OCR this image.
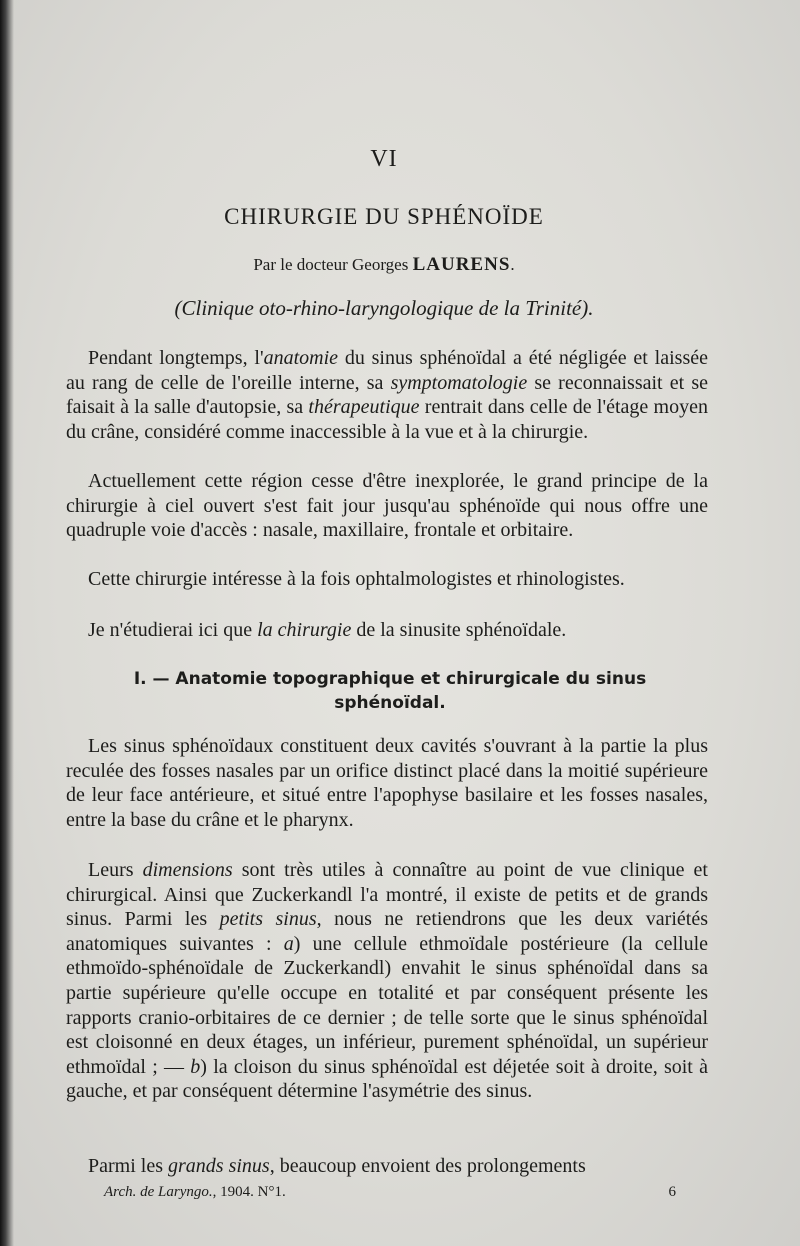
VI
CHIRURGIE DU SPHÉNOÏDE
Par le docteur Georges LAURENS.
(Clinique oto-rhino-laryngologique de la Trinité).

Pendant longtemps, l'anatomie du sinus sphénoïdal a été négligée et laissée au rang de celle de l'oreille interne, sa symptomatologie se reconnaissait et se faisait à la salle d'autopsie, sa thérapeutique rentrait dans celle de l'étage moyen du crâne, considéré comme inaccessible à la vue et à la chirurgie.

Actuellement cette région cesse d'être inexplorée, le grand principe de la chirurgie à ciel ouvert s'est fait jour jusqu'au sphénoïde qui nous offre une quadruple voie d'accès : nasale, maxillaire, frontale et orbitaire.

Cette chirurgie intéresse à la fois ophtalmologistes et rhinologistes.

Je n'étudierai ici que la chirurgie de la sinusite sphénoïdale.

I. — Anatomie topographique et chirurgicale du sinus sphénoïdal.

Les sinus sphénoïdaux constituent deux cavités s'ouvrant à la partie la plus reculée des fosses nasales par un orifice distinct placé dans la moitié supérieure de leur face antérieure, et situé entre l'apophyse basilaire et les fosses nasales, entre la base du crâne et le pharynx.

Leurs dimensions sont très utiles à connaître au point de vue clinique et chirurgical. Ainsi que Zuckerkandl l'a montré, il existe de petits et de grands sinus. Parmi les petits sinus, nous ne retiendrons que les deux variétés anatomiques suivantes : a) une cellule ethmoïdale postérieure (la cellule ethmoïdo-sphénoïdale de Zuckerkandl) envahit le sinus sphénoïdal dans sa partie supérieure qu'elle occupe en totalité et par conséquent présente les rapports cranio-orbitaires de ce dernier ; de telle sorte que le sinus sphénoïdal est cloisonné en deux étages, un inférieur, purement sphénoïdal, un supérieur ethmoïdal ; — b) la cloison du sinus sphénoïdal est déjetée soit à droite, soit à gauche, et par conséquent détermine l'asymétrie des sinus.

Parmi les grands sinus, beaucoup envoient des prolongements

Arch. de Laryngo., 1904. N°1.	6
